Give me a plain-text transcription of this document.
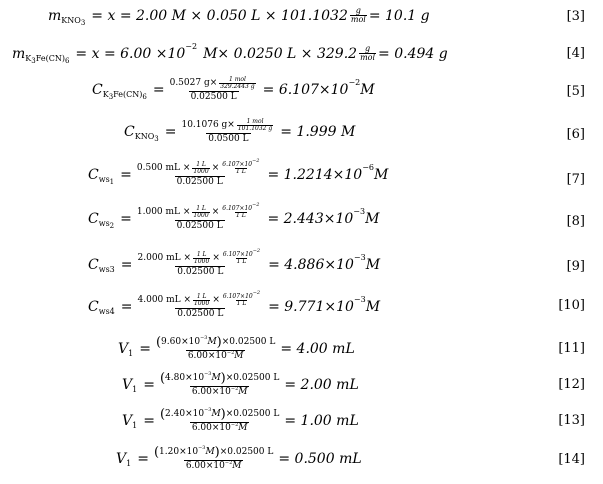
m KNO3 = x = 2.00 M × 0.050 $L \times 101.1032 \frac{g}{\text{mol}} = 10.1$ g	[3]
m K3Fe(CN)6 = x = 6.00 ×10 −2 M× 0.0250 $L \times 329.2 \frac{g}{\text{mol}} = 0.494$ g	[4]
C K3Fe(CN)6 = 0.5027 g× 1 mol
329.2443 g
0.02500 L = 6.107×10 −2 M	[5]
C KNO3 = 10.1076 g× 1 mol
101.1032 g
0.0500 L = 1.999 M	[6]
C ws1 = 0.500 mL × $\frac{1 L}{1000} \times 6.107\times 10^{-2}$
1 L
0.02500 L = 1.2214×10 −6 M	[7]
C ws2 = 1.000 mL × $\frac{1 L}{1000} \times 6.107\times 10^{-2}$
1 L
0.02500 L = 2.443×10 −3 M	[8]
C ws3 = 2.000 mL × $\frac{1 L}{1000} \times 6.107\times 10^{-2}$
1 L
0.02500 L = 4.886×10 −3 M	[9]
C ws4 = 4.000 mL × $\frac{1 L}{1000} \times 6.107\times 10^{-2}$
1 L
0.02500 L = 9.771×10 −3 M	[10]
V $1 = \frac{( 9.60\times 10 -3 M ) \times 0.02500 L}{6.00\times 10^{-2}M} = 4.00$ mL	[11]
V $1 = \frac{( 4.80\times 10 -3 M ) \times 0.02500 L}{6.00\times 10^{-2}M} = 2.00$ mL	[12]
V $1 = \frac{( 2.40\times 10 -3 M ) \times 0.02500 L}{6.00\times 10^{-2}M} = 1.00$ mL	[13]
V $1 = \frac{( 1.20\times 10 -3 M ) \times 0.02500 L}{6.00\times 10^{-2}M} = 0.500$ mL	[14]
